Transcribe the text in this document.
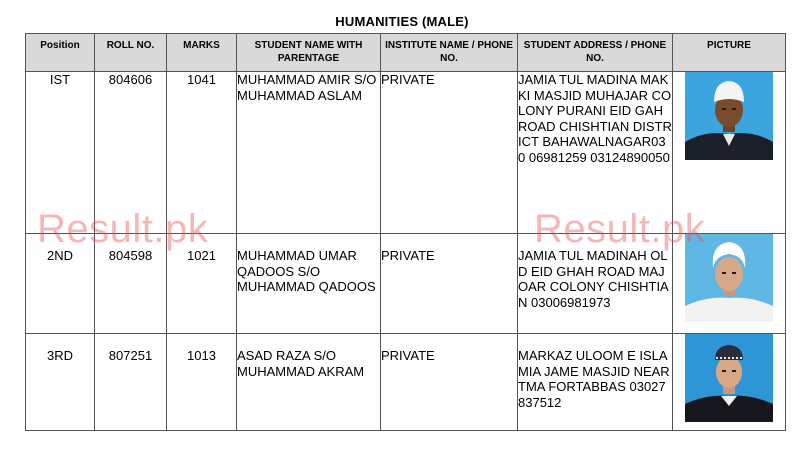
HUMANITIES (MALE)
Position	ROLL NO.	MARKS	STUDENT NAME WITH PARENTAGE	INSTITUTE NAME / PHONE NO.	STUDENT ADDRESS / PHONE NO.	PICTURE
IST	804606	1041	MUHAMMAD AMIR S/O MUHAMMAD ASLAM	PRIVATE	JAMIA TUL MADINA MAKKI MASJID MUHAJAR COLONY PURANI EID GAH ROAD CHISHTIAN DISTRICT BAHAWALNAGAR030 06981259 03124890050	
2ND	804598	1021	MUHAMMAD UMAR QADOOS S/O MUHAMMAD QADOOS	PRIVATE	JAMIA TUL MADINAH OLD EID GHAH ROAD MAJOAR COLONY CHISHTIAN 03006981973	
3RD	807251	1013	ASAD RAZA S/O MUHAMMAD AKRAM	PRIVATE	MARKAZ ULOOM E ISLAMIA JAME MASJID NEAR TMA FORTABBAS 03027837512	
Result.pk	Result.pk
